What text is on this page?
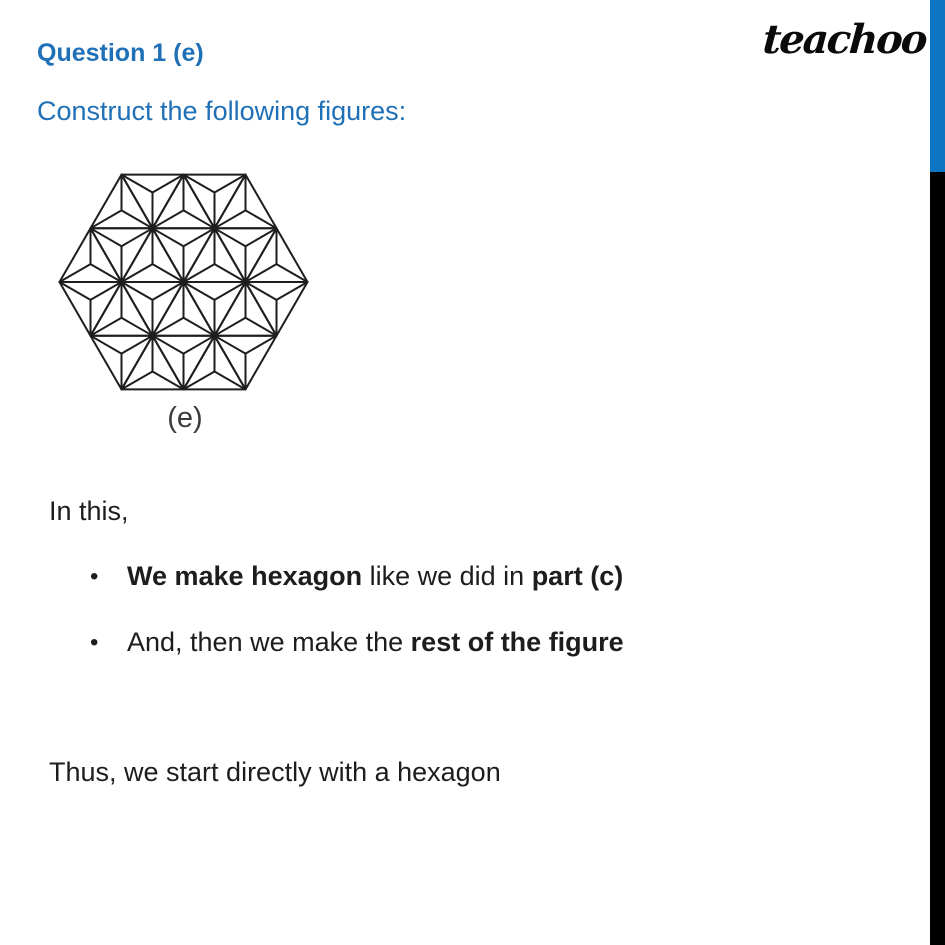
Question 1 (e)
Construct the following figures:
teachoo
(e)
In this,
• We make hexagon like we did in part (c)
• And, then we make the rest of the figure
Thus, we start directly with a hexagon
